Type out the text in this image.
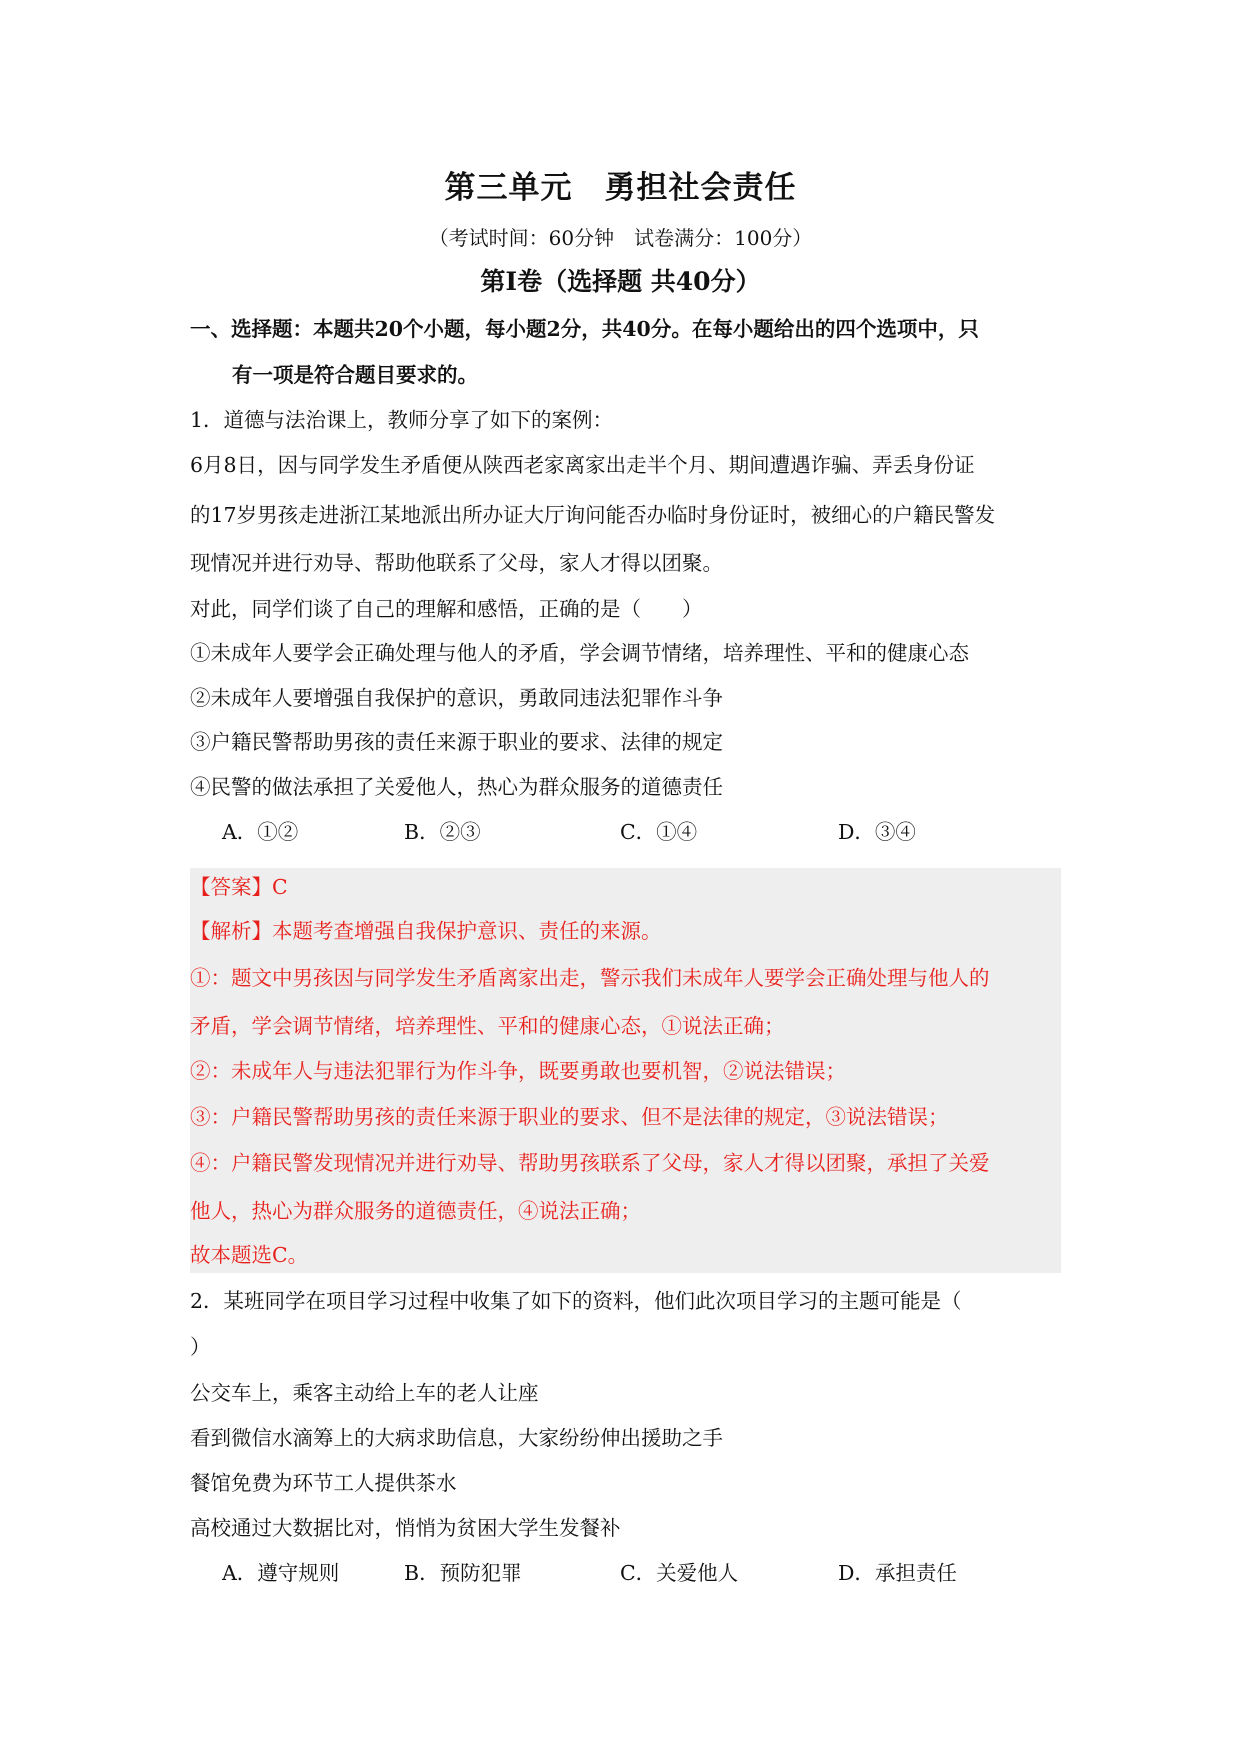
第三单元　勇担社会责任
（考试时间：60分钟　试卷满分：100分）
第Ⅰ卷（选择题 共40分）
一、选择题：本题共20个小题，每小题2分，共40分。在每小题给出的四个选项中，只
有一项是符合题目要求的。
1．道德与法治课上，教师分享了如下的案例：
6月8日，因与同学发生矛盾便从陕西老家离家出走半个月、期间遭遇诈骗、弄丢身份证
的17岁男孩走进浙江某地派出所办证大厅询问能否办临时身份证时，被细心的户籍民警发
现情况并进行劝导、帮助他联系了父母，家人才得以团聚。
对此，同学们谈了自己的理解和感悟，正确的是（　　）
①未成年人要学会正确处理与他人的矛盾，学会调节情绪，培养理性、平和的健康心态
②未成年人要增强自我保护的意识，勇敢同违法犯罪作斗争
③户籍民警帮助男孩的责任来源于职业的要求、法律的规定
④民警的做法承担了关爱他人，热心为群众服务的道德责任
A．①②	B．②③	C．①④	D．③④
【答案】C
【解析】本题考查增强自我保护意识、责任的来源。
①：题文中男孩因与同学发生矛盾离家出走，警示我们未成年人要学会正确处理与他人的
矛盾，学会调节情绪，培养理性、平和的健康心态，①说法正确；
②：未成年人与违法犯罪行为作斗争，既要勇敢也要机智，②说法错误；
③：户籍民警帮助男孩的责任来源于职业的要求、但不是法律的规定，③说法错误；
④：户籍民警发现情况并进行劝导、帮助男孩联系了父母，家人才得以团聚，承担了关爱
他人，热心为群众服务的道德责任，④说法正确；
故本题选C。
2．某班同学在项目学习过程中收集了如下的资料，他们此次项目学习的主题可能是（
）
公交车上，乘客主动给上车的老人让座
看到微信水滴筹上的大病求助信息，大家纷纷伸出援助之手
餐馆免费为环节工人提供茶水
高校通过大数据比对，悄悄为贫困大学生发餐补
A．遵守规则	B．预防犯罪	C．关爱他人	D．承担责任
